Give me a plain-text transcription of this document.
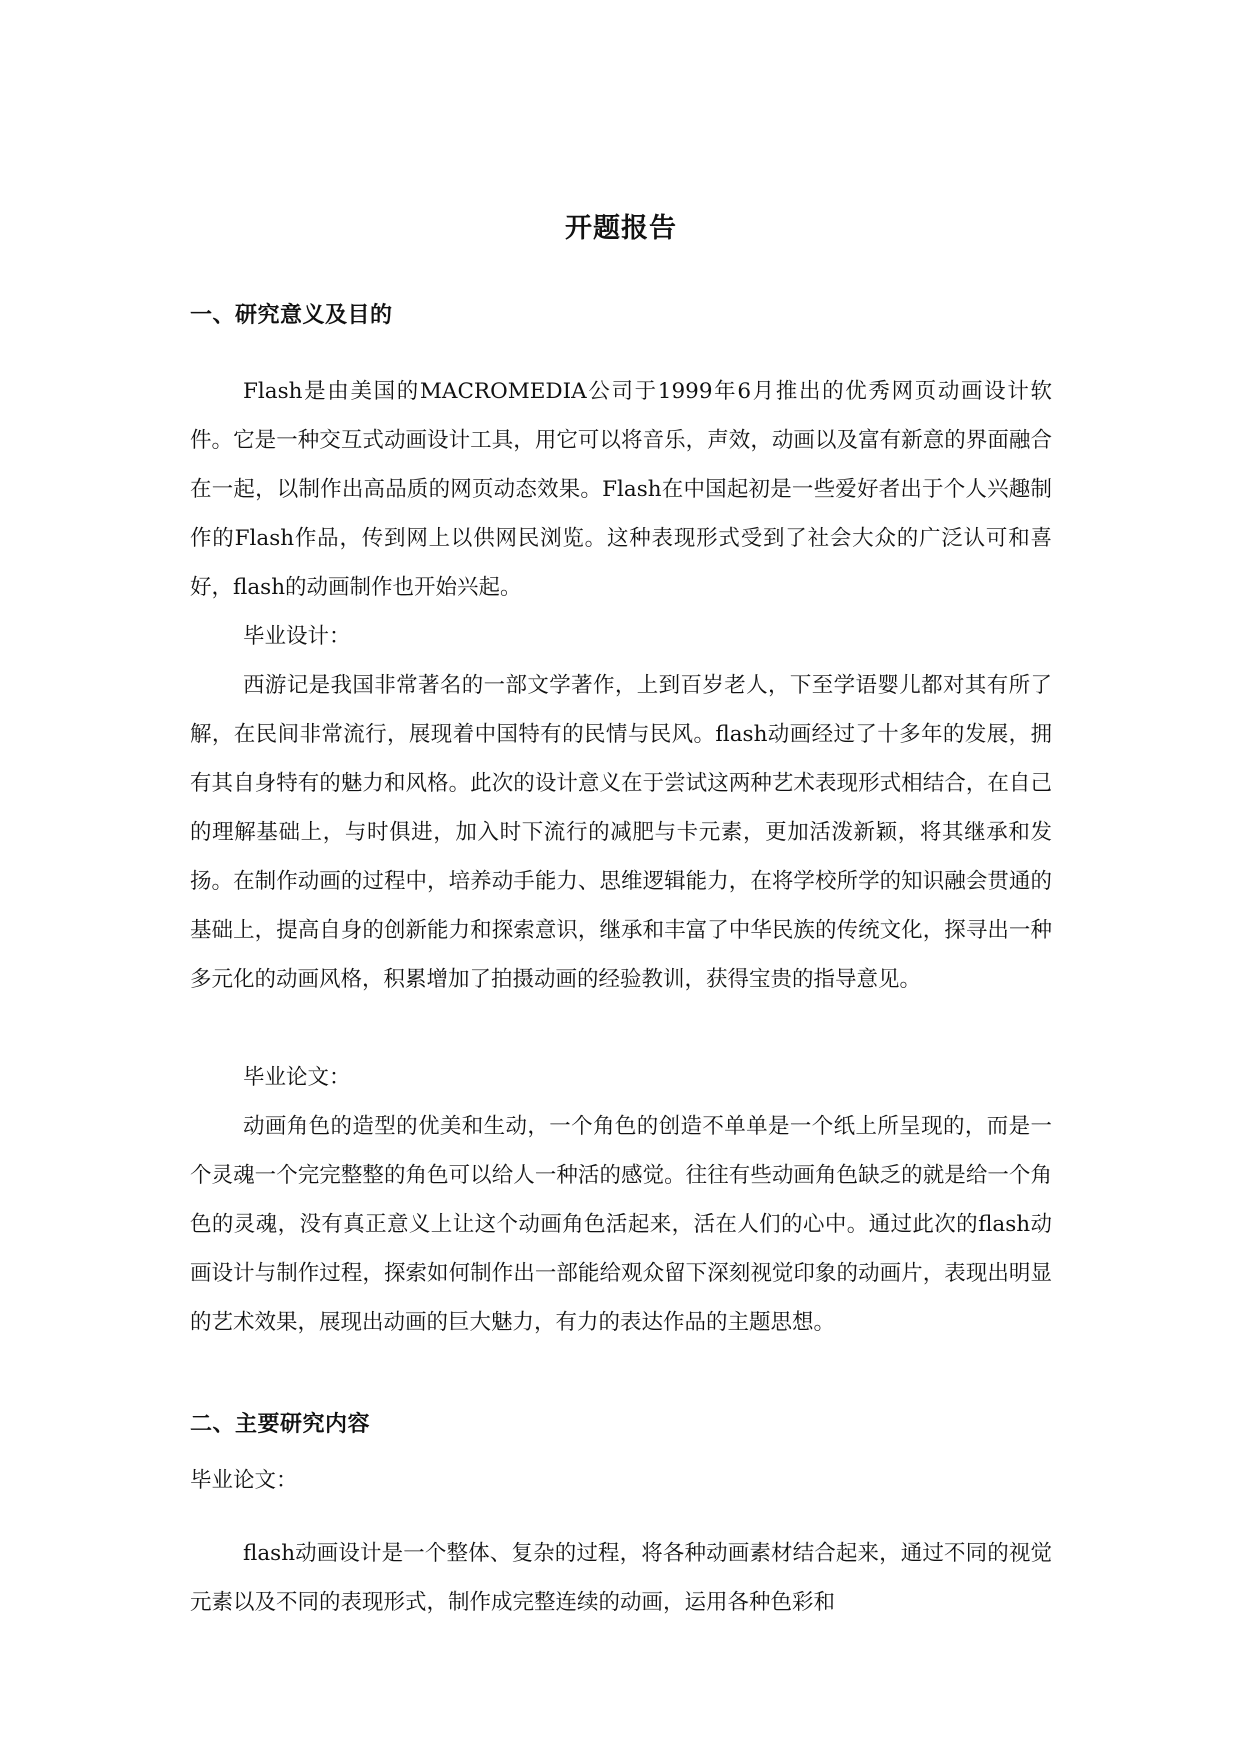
开题报告
一、研究意义及目的

Flash是由美国的MACROMEDIA公司于1999年6月推出的优秀网页动画设计软件。它是一种交互式动画设计工具，用它可以将音乐，声效，动画以及富有新意的界面融合在一起，以制作出高品质的网页动态效果。Flash在中国起初是一些爱好者出于个人兴趣制作的Flash作品，传到网上以供网民浏览。这种表现形式受到了社会大众的广泛认可和喜好，flash的动画制作也开始兴起。

毕业设计：

西游记是我国非常著名的一部文学著作，上到百岁老人，下至学语婴儿都对其有所了解，在民间非常流行，展现着中国特有的民情与民风。flash动画经过了十多年的发展，拥有其自身特有的魅力和风格。此次的设计意义在于尝试这两种艺术表现形式相结合，在自己的理解基础上，与时俱进，加入时下流行的减肥与卡元素，更加活泼新颖，将其继承和发扬。在制作动画的过程中，培养动手能力、思维逻辑能力，在将学校所学的知识融会贯通的基础上，提高自身的创新能力和探索意识，继承和丰富了中华民族的传统文化，探寻出一种多元化的动画风格，积累增加了拍摄动画的经验教训，获得宝贵的指导意见。

毕业论文：

动画角色的造型的优美和生动，一个角色的创造不单单是一个纸上所呈现的，而是一个灵魂一个完完整整的角色可以给人一种活的感觉。往往有些动画角色缺乏的就是给一个角色的灵魂，没有真正意义上让这个动画角色活起来，活在人们的心中。通过此次的flash动画设计与制作过程，探索如何制作出一部能给观众留下深刻视觉印象的动画片，表现出明显的艺术效果，展现出动画的巨大魅力，有力的表达作品的主题思想。

二、主要研究内容

毕业论文：

flash动画设计是一个整体、复杂的过程，将各种动画素材结合起来，通过不同的视觉元素以及不同的表现形式，制作成完整连续的动画，运用各种色彩和
